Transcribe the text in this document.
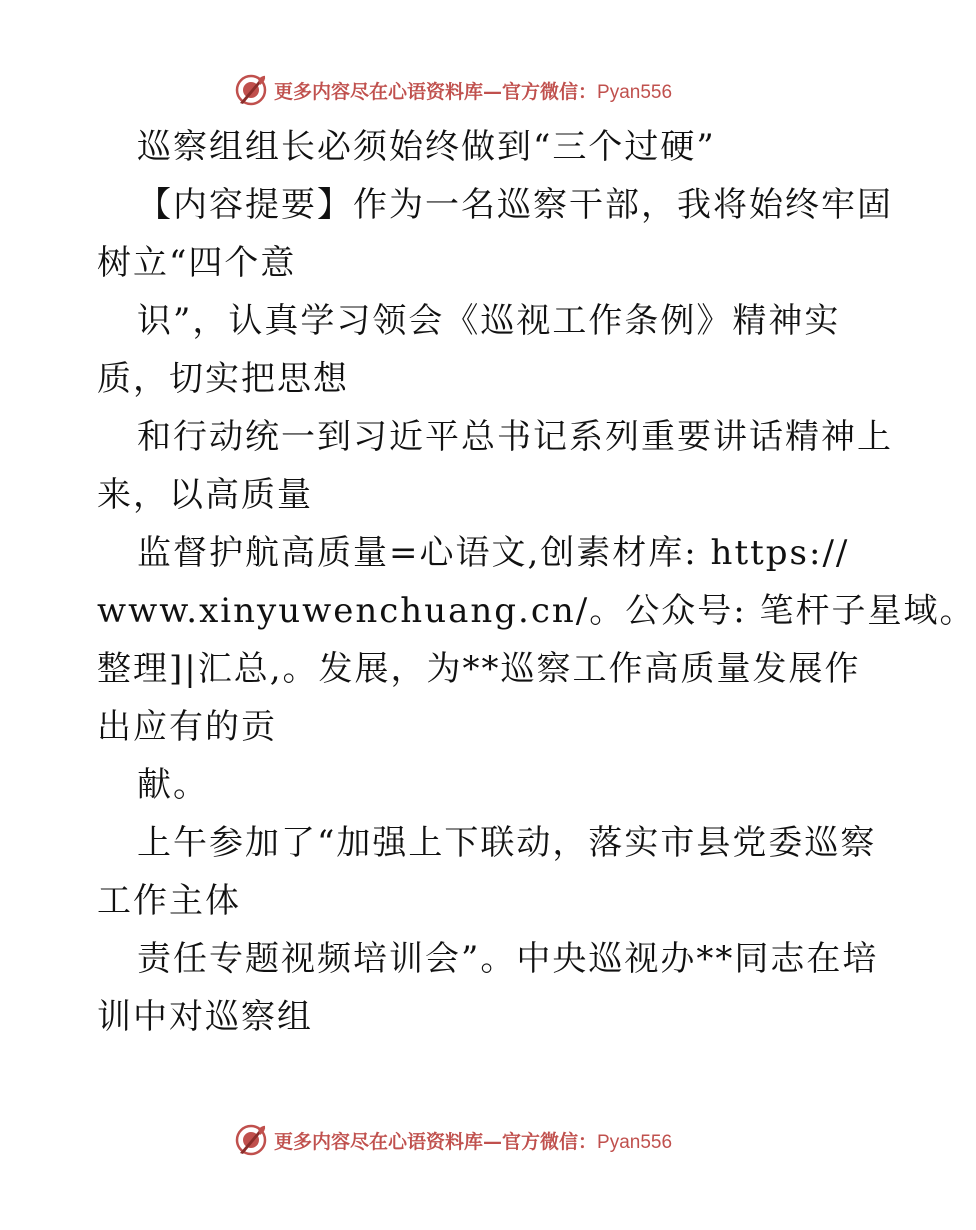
更多内容尽在心语资料库—官方微信：Pyan556
巡察组组长必须始终做到“三个过硬”
【内容提要】作为一名巡察干部，我将始终牢固
树立“四个意
识”，认真学习领会《巡视工作条例》精神实
质，切实把思想
和行动统一到习近平总书记系列重要讲话精神上
来，以高质量
监督护航高质量=心语文,创素材库: https://
www.xinyuwenchuang.cn/。公众号: 笔杆子星域。
整理]|汇总,。发展，为**巡察工作高质量发展作
出应有的贡
献。
上午参加了“加强上下联动，落实市县党委巡察
工作主体
责任专题视频培训会”。中央巡视办**同志在培
训中对巡察组
更多内容尽在心语资料库—官方微信：Pyan556
